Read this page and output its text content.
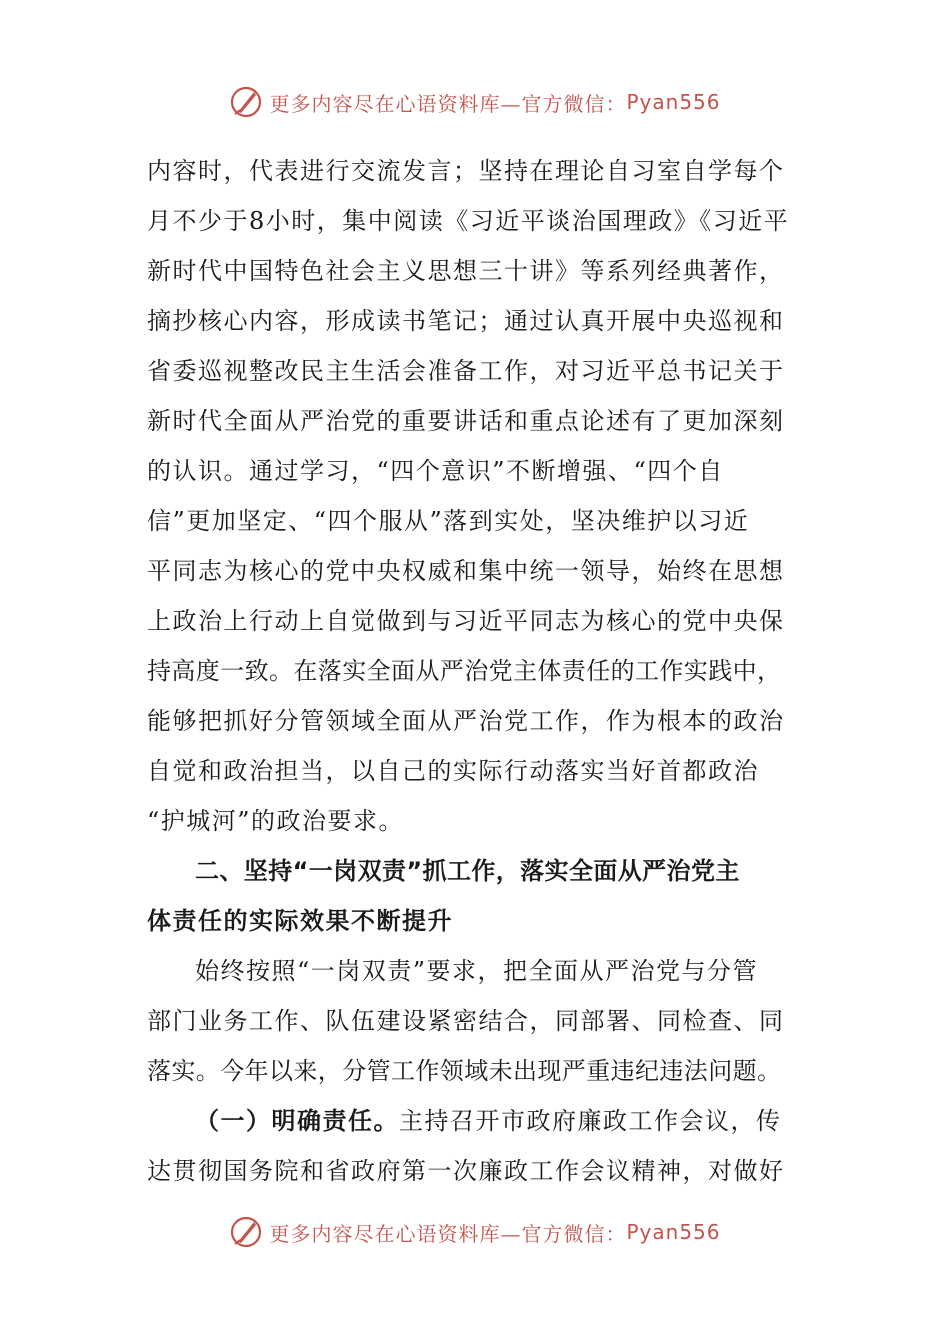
更多内容尽在心语资料库—官方微信： Pyan556
内容时，代表进行交流发言；坚持在理论自习室自学每个
月不少于8小时，集中阅读《习近平谈治国理政》《习近平
新时代中国特色社会主义思想三十讲》等系列经典著作，
摘抄核心内容，形成读书笔记；通过认真开展中央巡视和
省委巡视整改民主生活会准备工作，对习近平总书记关于
新时代全面从严治党的重要讲话和重点论述有了更加深刻
的认识。通过学习，“四个意识”不断增强、“四个自
信”更加坚定、“四个服从”落到实处，坚决维护以习近
平同志为核心的党中央权威和集中统一领导，始终在思想
上政治上行动上自觉做到与习近平同志为核心的党中央保
持高度一致。在落实全面从严治党主体责任的工作实践中，
能够把抓好分管领域全面从严治党工作，作为根本的政治
自觉和政治担当，以自己的实际行动落实当好首都政治
“护城河”的政治要求。
二、坚持“一岗双责”抓工作，落实全面从严治党主
体责任的实际效果不断提升
始终按照“一岗双责”要求，把全面从严治党与分管
部门业务工作、队伍建设紧密结合，同部署、同检查、同
落实。今年以来，分管工作领域未出现严重违纪违法问题。
（一）明确责任。主持召开市政府廉政工作会议，传
达贯彻国务院和省政府第一次廉政工作会议精神，对做好
更多内容尽在心语资料库—官方微信： Pyan556
